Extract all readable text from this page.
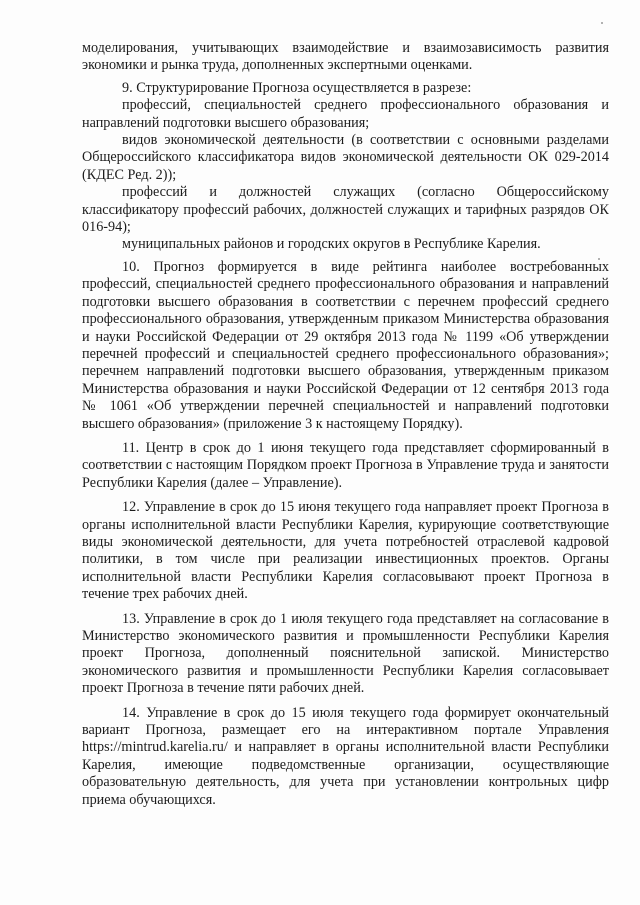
моделирования, учитывающих взаимодействие и взаимозависимость развития экономики и рынка труда, дополненных экспертными оценками.

9. Структурирование Прогноза осуществляется в разрезе:

профессий, специальностей среднего профессионального образования и направлений подготовки высшего образования;

видов экономической деятельности (в соответствии с основными разделами Общероссийского классификатора видов экономической деятельности ОК 029-2014 (КДЕС Ред. 2));

профессий и должностей служащих (согласно Общероссийскому классификатору профессий рабочих, должностей служащих и тарифных разрядов ОК 016-94);

муниципальных районов и городских округов в Республике Карелия.

10. Прогноз формируется в виде рейтинга наиболее востребованных профессий, специальностей среднего профессионального образования и направлений подготовки высшего образования в соответствии с перечнем профессий среднего профессионального образования, утвержденным приказом Министерства образования и науки Российской Федерации от 29 октября 2013 года № 1199 «Об утверждении перечней профессий и специальностей среднего профессионального образования»; перечнем направлений подготовки высшего образования, утвержденным приказом Министерства образования и науки Российской Федерации от 12 сентября 2013 года № 1061 «Об утверждении перечней специальностей и направлений подготовки высшего образования» (приложение 3 к настоящему Порядку).

11. Центр в срок до 1 июня текущего года представляет сформированный в соответствии с настоящим Порядком проект Прогноза в Управление труда и занятости Республики Карелия (далее – Управление).

12. Управление в срок до 15 июня текущего года направляет проект Прогноза в органы исполнительной власти Республики Карелия, курирующие соответствующие виды экономической деятельности, для учета потребностей отраслевой кадровой политики, в том числе при реализации инвестиционных проектов. Органы исполнительной власти Республики Карелия согласовывают проект Прогноза в течение трех рабочих дней.

13. Управление в срок до 1 июля текущего года представляет на согласование в Министерство экономического развития и промышленности Республики Карелия проект Прогноза, дополненный пояснительной запиской. Министерство экономического развития и промышленности Республики Карелия согласовывает проект Прогноза в течение пяти рабочих дней.

14. Управление в срок до 15 июля текущего года формирует окончательный вариант Прогноза, размещает его на интерактивном портале Управления https://mintrud.karelia.ru/ и направляет в органы исполнительной власти Республики Карелия, имеющие подведомственные организации, осуществляющие образовательную деятельность, для учета при установлении контрольных цифр приема обучающихся.
